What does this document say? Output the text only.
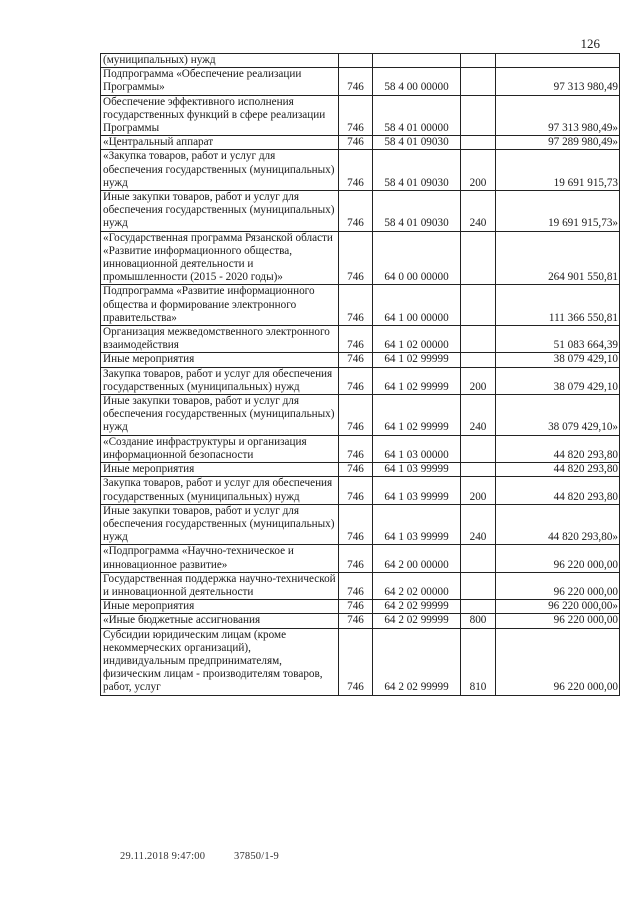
126
(муниципальных) нужд				
Подпрограмма «Обеспечение реализации Программы»	746	58 4 00 00000		97 313 980,49
Обеспечение эффективного исполнения государственных функций в сфере реализации Программы	746	58 4 01 00000		97 313 980,49»
«Центральный аппарат	746	58 4 01 09030		97 289 980,49»
«Закупка товаров, работ и услуг для обеспечения государственных (муниципальных) нужд	746	58 4 01 09030	200	19 691 915,73
Иные закупки товаров, работ и услуг для обеспечения государственных (муниципальных) нужд	746	58 4 01 09030	240	19 691 915,73»
«Государственная программа Рязанской области «Развитие информационного общества, инновационной деятельности и промышленности (2015 - 2020 годы)»	746	64 0 00 00000		264 901 550,81
Подпрограмма «Развитие информационного общества и формирование электронного правительства»	746	64 1 00 00000		111 366 550,81
Организация межведомственного электронного взаимодействия	746	64 1 02 00000		51 083 664,39
Иные мероприятия	746	64 1 02 99999		38 079 429,10
Закупка товаров, работ и услуг для обеспечения государственных (муниципальных) нужд	746	64 1 02 99999	200	38 079 429,10
Иные закупки товаров, работ и услуг для обеспечения государственных (муниципальных) нужд	746	64 1 02 99999	240	38 079 429,10»
«Создание инфраструктуры и организация информационной безопасности	746	64 1 03 00000		44 820 293,80
Иные мероприятия	746	64 1 03 99999		44 820 293,80
Закупка товаров, работ и услуг для обеспечения государственных (муниципальных) нужд	746	64 1 03 99999	200	44 820 293,80
Иные закупки товаров, работ и услуг для обеспечения государственных (муниципальных) нужд	746	64 1 03 99999	240	44 820 293,80»
«Подпрограмма «Научно-техническое и инновационное развитие»	746	64 2 00 00000		96 220 000,00
Государственная поддержка научно-технической и инновационной деятельности	746	64 2 02 00000		96 220 000,00
Иные мероприятия	746	64 2 02 99999		96 220 000,00»
«Иные бюджетные ассигнования	746	64 2 02 99999	800	96 220 000,00
Субсидии юридическим лицам (кроме некоммерческих организаций), индивидуальным предпринимателям, физическим лицам - производителям товаров, работ, услуг	746	64 2 02 99999	810	96 220 000,00
29.11.2018 9:47:00	37850/1-9
